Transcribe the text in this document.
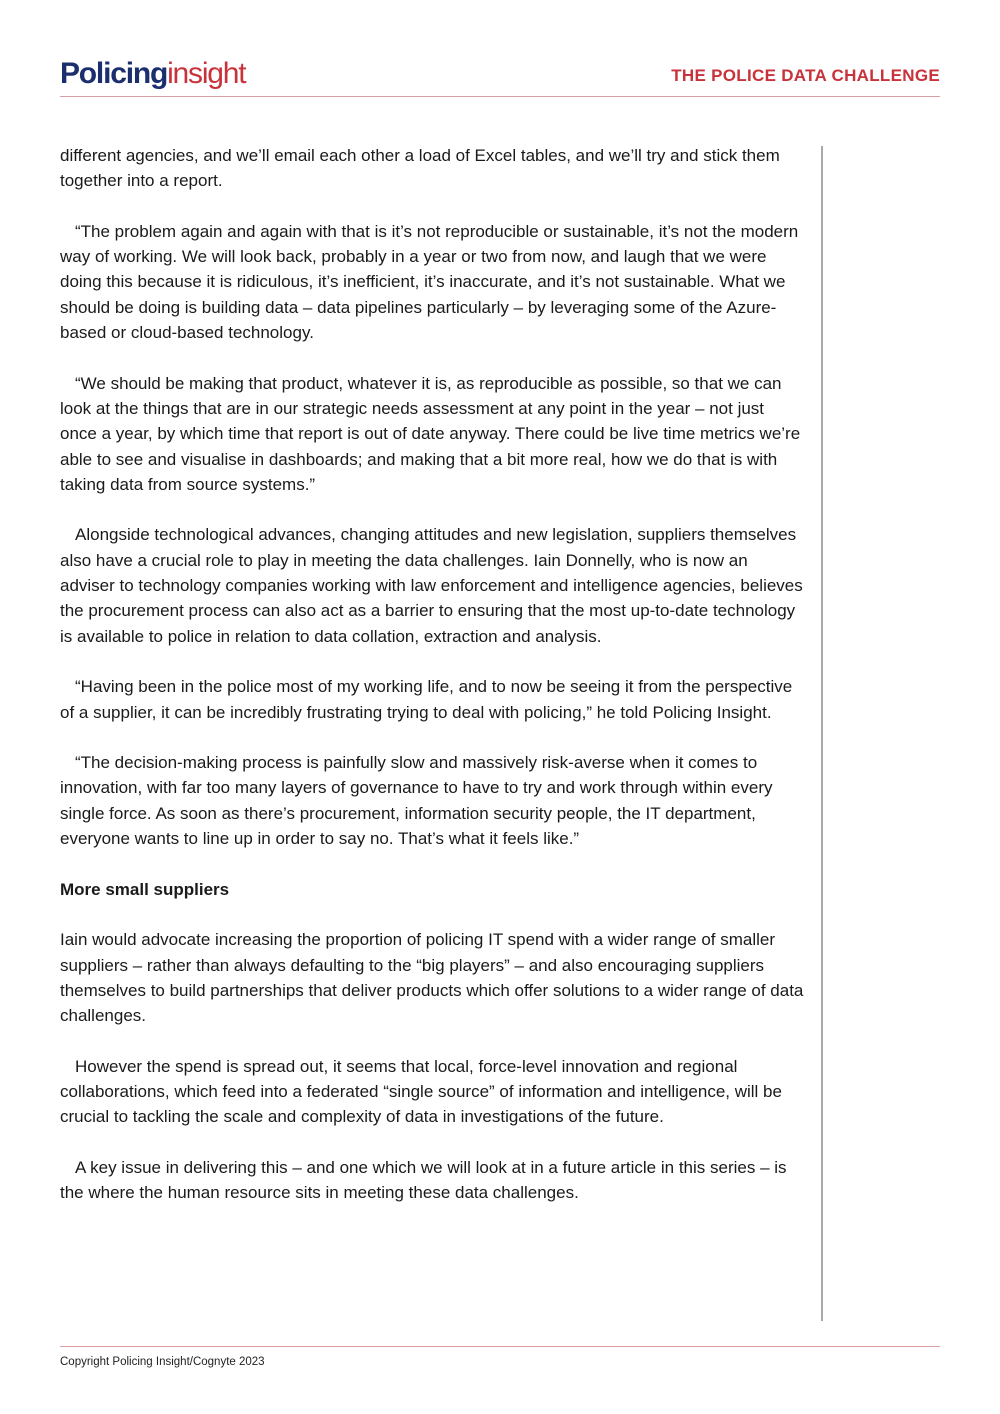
Policinginsight	THE POLICE DATA CHALLENGE

different agencies, and we’ll email each other a load of Excel tables, and we’ll try and stick them together into a report.

“The problem again and again with that is it’s not reproducible or sustainable, it’s not the modern way of working. We will look back, probably in a year or two from now, and laugh that we were doing this because it is ridiculous, it’s inefficient, it’s inaccurate, and it’s not sustainable. What we should be doing is building data – data pipelines particularly – by leveraging some of the Azure-based or cloud-based technology.

“We should be making that product, whatever it is, as reproducible as possible, so that we can look at the things that are in our strategic needs assessment at any point in the year – not just once a year, by which time that report is out of date anyway. There could be live time metrics we’re able to see and visualise in dashboards; and making that a bit more real, how we do that is with taking data from source systems.”

Alongside technological advances, changing attitudes and new legislation, suppliers themselves also have a crucial role to play in meeting the data challenges. Iain Donnelly, who is now an adviser to technology companies working with law enforcement and intelligence agencies, believes the procurement process can also act as a barrier to ensuring that the most up-to-date technology is available to police in relation to data collation, extraction and analysis.

“Having been in the police most of my working life, and to now be seeing it from the perspective of a supplier, it can be incredibly frustrating trying to deal with policing,” he told Policing Insight.

“The decision-making process is painfully slow and massively risk-averse when it comes to innovation, with far too many layers of governance to have to try and work through within every single force. As soon as there’s procurement, information security people, the IT department, everyone wants to line up in order to say no. That’s what it feels like.”

More small suppliers

Iain would advocate increasing the proportion of policing IT spend with a wider range of smaller suppliers – rather than always defaulting to the “big players” – and also encouraging suppliers themselves to build partnerships that deliver products which offer solutions to a wider range of data challenges.

However the spend is spread out, it seems that local, force-level innovation and regional collaborations, which feed into a federated “single source” of information and intelligence, will be crucial to tackling the scale and complexity of data in investigations of the future.

A key issue in delivering this – and one which we will look at in a future article in this series – is the where the human resource sits in meeting these data challenges.

Copyright Policing Insight/Cognyte 2023
